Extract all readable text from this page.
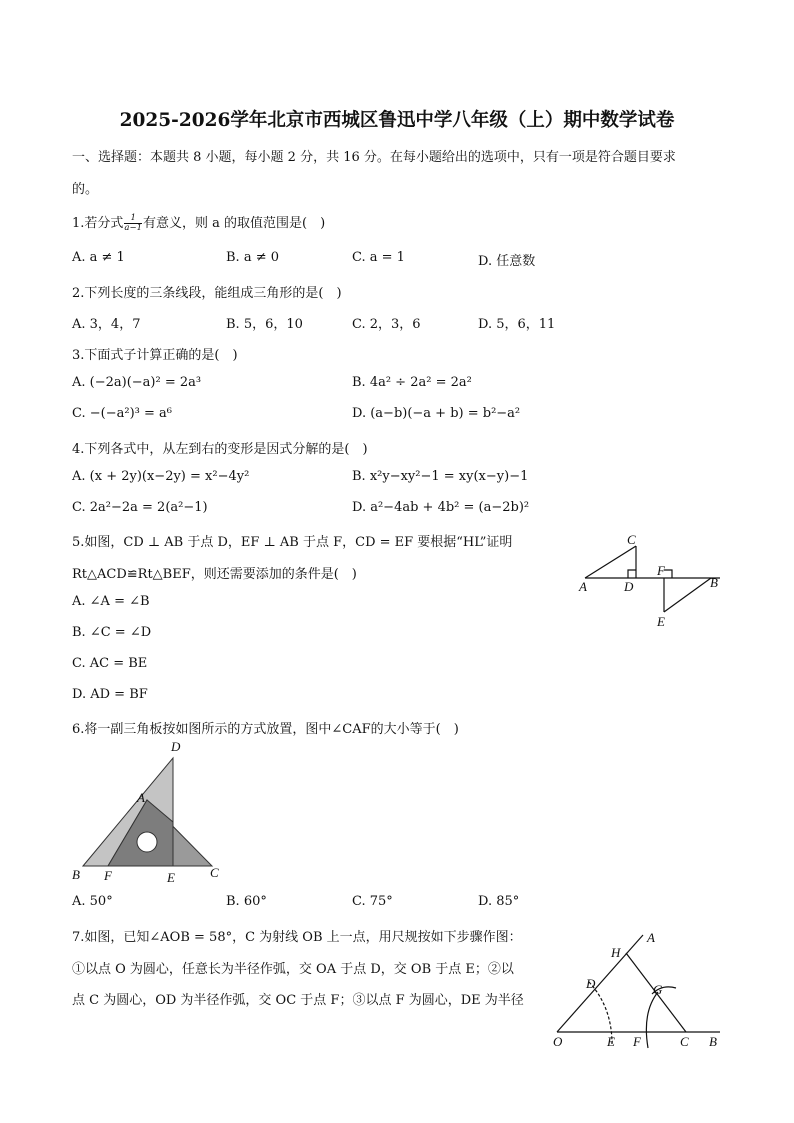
2025-2026学年北京市西城区鲁迅中学八年级（上）期中数学试卷
一、选择题：本题共 8 小题，每小题 2 分，共 16 分。在每小题给出的选项中，只有一项是符合题目要求
的。
1.若分式 $\frac{1}{a-1}$ 有意义，则 a 的取值范围是(　)
A. a ≠ 1	B. a ≠ 0	C. a = 1	D. 任意数
2.下列长度的三条线段，能组成三角形的是(　)
A. 3，4，7	B. 5，6，10	C. 2，3，6	D. 5，6，11
3.下面式子计算正确的是(　)
A. (−2a)(−a)² = 2a³	B. 4a² ÷ 2a² = 2a²
C. −(−a²)³ = a⁶	D. (a−b)(−a + b) = b²−a²
4.下列各式中，从左到右的变形是因式分解的是(　)
A. (x + 2y)(x−2y) = x²−4y²	B. x²y−xy²−1 = xy(x−y)−1
C. 2a²−2a = 2(a²−1)	D. a²−4ab + 4b² = (a−2b)²
5.如图，CD ⊥ AB 于点 D，EF ⊥ AB 于点 F，CD = EF 要根据“HL”证明
Rt△ACD≌Rt△BEF，则还需要添加的条件是(　)
A. ∠A = ∠B
B. ∠C = ∠D
C. AC = BE
D. AD = BF
C
A	D
F
B
E
6.将一副三角板按如图所示的方式放置，图中∠CAF的大小等于(　)
D
A
B F	E	C
A. 50°	B. 60°	C. 75°	D. 85°
7.如图，已知∠AOB = 58°，C 为射线 OB 上一点，用尺规按如下步骤作图：
①以点 O 为圆心，任意长为半径作弧，交 OA 于点 D，交 OB 于点 E；②以
点 C 为圆心，OD 为半径作弧，交 OC 于点 F；③以点 F 为圆心，DE 为半径
A
H
D	G
O	E F	C B
